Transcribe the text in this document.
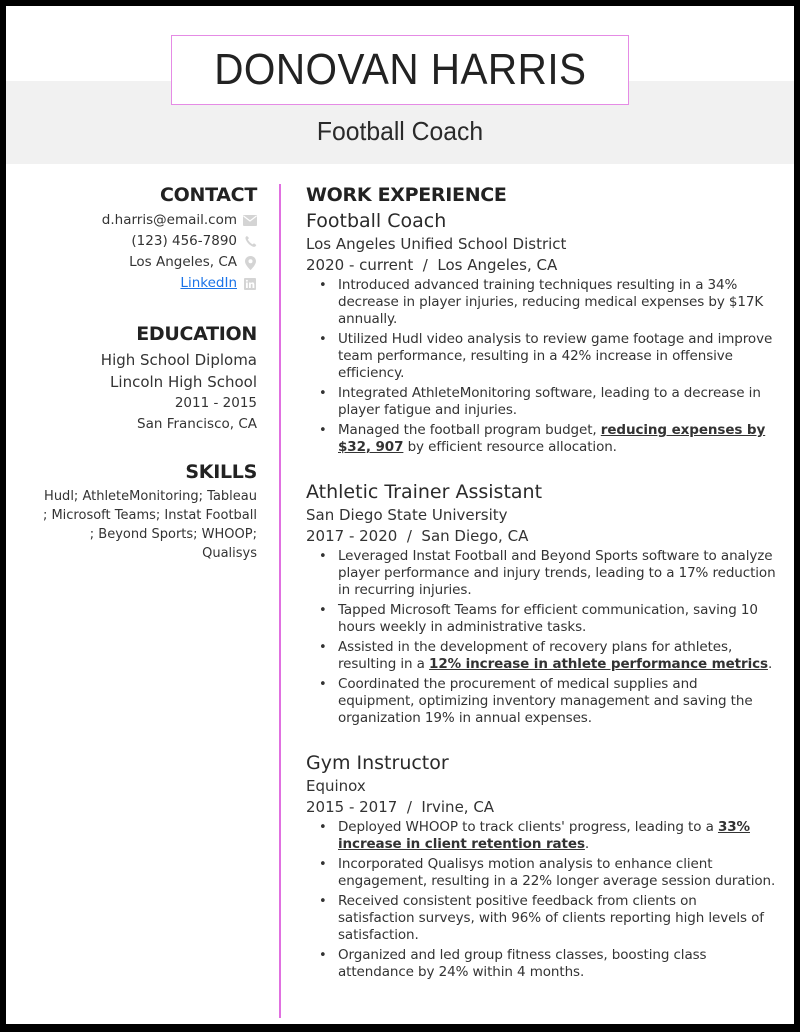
DONOVAN HARRIS
Football Coach
CONTACT
d.harris@email.com
(123) 456-7890
Los Angeles, CA
LinkedIn
EDUCATION
High School Diploma
Lincoln High School
2011 - 2015
San Francisco, CA
SKILLS
Hudl; AthleteMonitoring; Tableau
; Microsoft Teams; Instat Football
; Beyond Sports; WHOOP;
Qualisys
WORK EXPERIENCE
Football Coach
Los Angeles Unified School District
2020 - current  /  Los Angeles, CA
• Introduced advanced training techniques resulting in a 34% decrease in player injuries, reducing medical expenses by $17K annually.
• Utilized Hudl video analysis to review game footage and improve team performance, resulting in a 42% increase in offensive efficiency.
• Integrated AthleteMonitoring software, leading to a decrease in player fatigue and injuries.
• Managed the football program budget, reducing expenses by $32, 907 by efficient resource allocation.
Athletic Trainer Assistant
San Diego State University
2017 - 2020  /  San Diego, CA
• Leveraged Instat Football and Beyond Sports software to analyze player performance and injury trends, leading to a 17% reduction in recurring injuries.
• Tapped Microsoft Teams for efficient communication, saving 10 hours weekly in administrative tasks.
• Assisted in the development of recovery plans for athletes, resulting in a 12% increase in athlete performance metrics.
• Coordinated the procurement of medical supplies and equipment, optimizing inventory management and saving the organization 19% in annual expenses.
Gym Instructor
Equinox
2015 - 2017  /  Irvine, CA
• Deployed WHOOP to track clients' progress, leading to a 33% increase in client retention rates.
• Incorporated Qualisys motion analysis to enhance client engagement, resulting in a 22% longer average session duration.
• Received consistent positive feedback from clients on satisfaction surveys, with 96% of clients reporting high levels of satisfaction.
• Organized and led group fitness classes, boosting class attendance by 24% within 4 months.
